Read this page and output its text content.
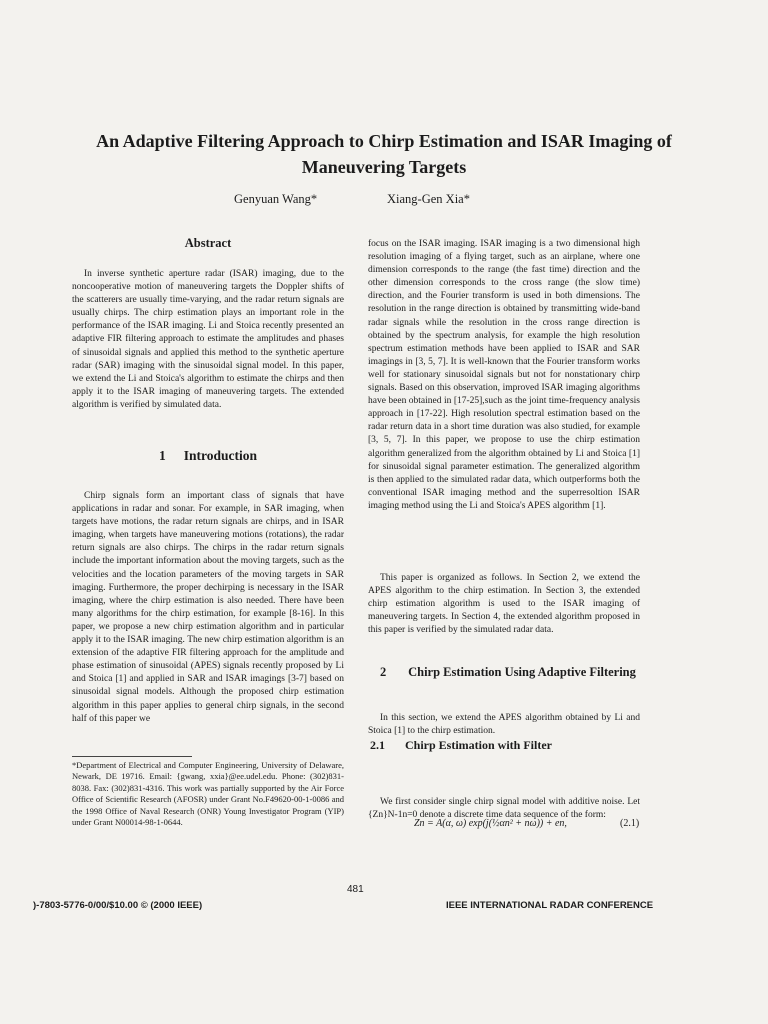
An Adaptive Filtering Approach to Chirp Estimation and ISAR Imaging of Maneuvering Targets
Genyuan Wang*	Xiang-Gen Xia*
Abstract

In inverse synthetic aperture radar (ISAR) imaging, due to the noncooperative motion of maneuvering targets the Doppler shifts of the scatterers are usually time-varying, and the radar return signals are usually chirps. The chirp estimation plays an important role in the performance of the ISAR imaging. Li and Stoica recently presented an adaptive FIR filtering approach to estimate the amplitudes and phases of sinusoidal signals and applied this method to the synthetic aperture radar (SAR) imaging with the sinusoidal signal model. In this paper, we extend the Li and Stoica's algorithm to estimate the chirps and then apply it to the ISAR imaging of maneuvering targets. The extended algorithm is verified by simulated data.

1 Introduction

Chirp signals form an important class of signals that have applications in radar and sonar. For example, in SAR imaging, when targets have motions, the radar return signals are chirps, and in ISAR imaging, when targets have maneuvering motions (rotations), the radar return signals are also chirps. The chirps in the radar return signals include the important information about the moving targets, such as the velocities and the location parameters of the moving targets in SAR imaging. Furthermore, the proper dechirping is necessary in the ISAR imaging, where the chirp estimation is also needed. There have been many algorithms for the chirp estimation, for example [8-16]. In this paper, we propose a new chirp estimation algorithm and in particular apply it to the ISAR imaging. The new chirp estimation algorithm is an extension of the adaptive FIR filtering approach for the amplitude and phase estimation of sinusoidal (APES) signals recently proposed by Li and Stoica [1] and applied in SAR and ISAR imagings [3-7] based on sinusoidal signal models. Although the proposed chirp estimation algorithm in this paper applies to general chirp signals, in the second half of this paper we

*Department of Electrical and Computer Engineering, University of Delaware, Newark, DE 19716. Email: {gwang, xxia}@ee.udel.edu. Phone: (302)831-8038. Fax: (302)831-4316. This work was partially supported by the Air Force Office of Scientific Research (AFOSR) under Grant No.F49620-00-1-0086 and the 1998 Office of Naval Research (ONR) Young Investigator Program (YIP) under Grant N00014-98-1-0644.

focus on the ISAR imaging. ISAR imaging is a two dimensional high resolution imaging of a flying target, such as an airplane, where one dimension corresponds to the range (the fast time) direction and the other dimension corresponds to the cross range (the slow time) direction, and the Fourier transform is used in both dimensions. The resolution in the range direction is obtained by transmitting wide-band radar signals while the resolution in the cross range direction is obtained by the spectrum analysis, for example the high resolution spectrum estimation methods have been applied to ISAR and SAR imagings in [3, 5, 7]. It is well-known that the Fourier transform works well for stationary sinusoidal signals but not for nonstationary chirp signals. Based on this observation, improved ISAR imaging algorithms have been obtained in [17-25],such as the joint time-frequency analysis approach in [17-22]. High resolution spectral estimation based on the radar return data in a short time duration was also studied, for example [3, 5, 7]. In this paper, we propose to use the chirp estimation algorithm generalized from the algorithm obtained by Li and Stoica [1] for sinusoidal signal parameter estimation. The generalized algorithm is then applied to the simulated radar data, which outperforms both the conventional ISAR imaging method and the superresoltion ISAR imaging method using the Li and Stoica's APES algorithm [1].

This paper is organized as follows. In Section 2, we extend the APES algorithm to the chirp estimation. In Section 3, the extended chirp estimation algorithm is used to the ISAR imaging of maneuvering targets. In Section 4, the extended algorithm proposed in this paper is verified by the simulated radar data.

2	Chirp Estimation Using Adaptive Filtering

In this section, we extend the APES algorithm obtained by Li and Stoica [1] to the chirp estimation.

2.1 Chirp Estimation with Filter

We first consider single chirp signal model with additive noise. Let {Zn}N-1n=0 denote a discrete time data sequence of the form:

Zn = A(α, ω) exp(j(½αn² + nω)) + en,	(2.1)
481
)-7803-5776-0/00/$10.00 © (2000 IEEE)	IEEE INTERNATIONAL RADAR CONFERENCE
